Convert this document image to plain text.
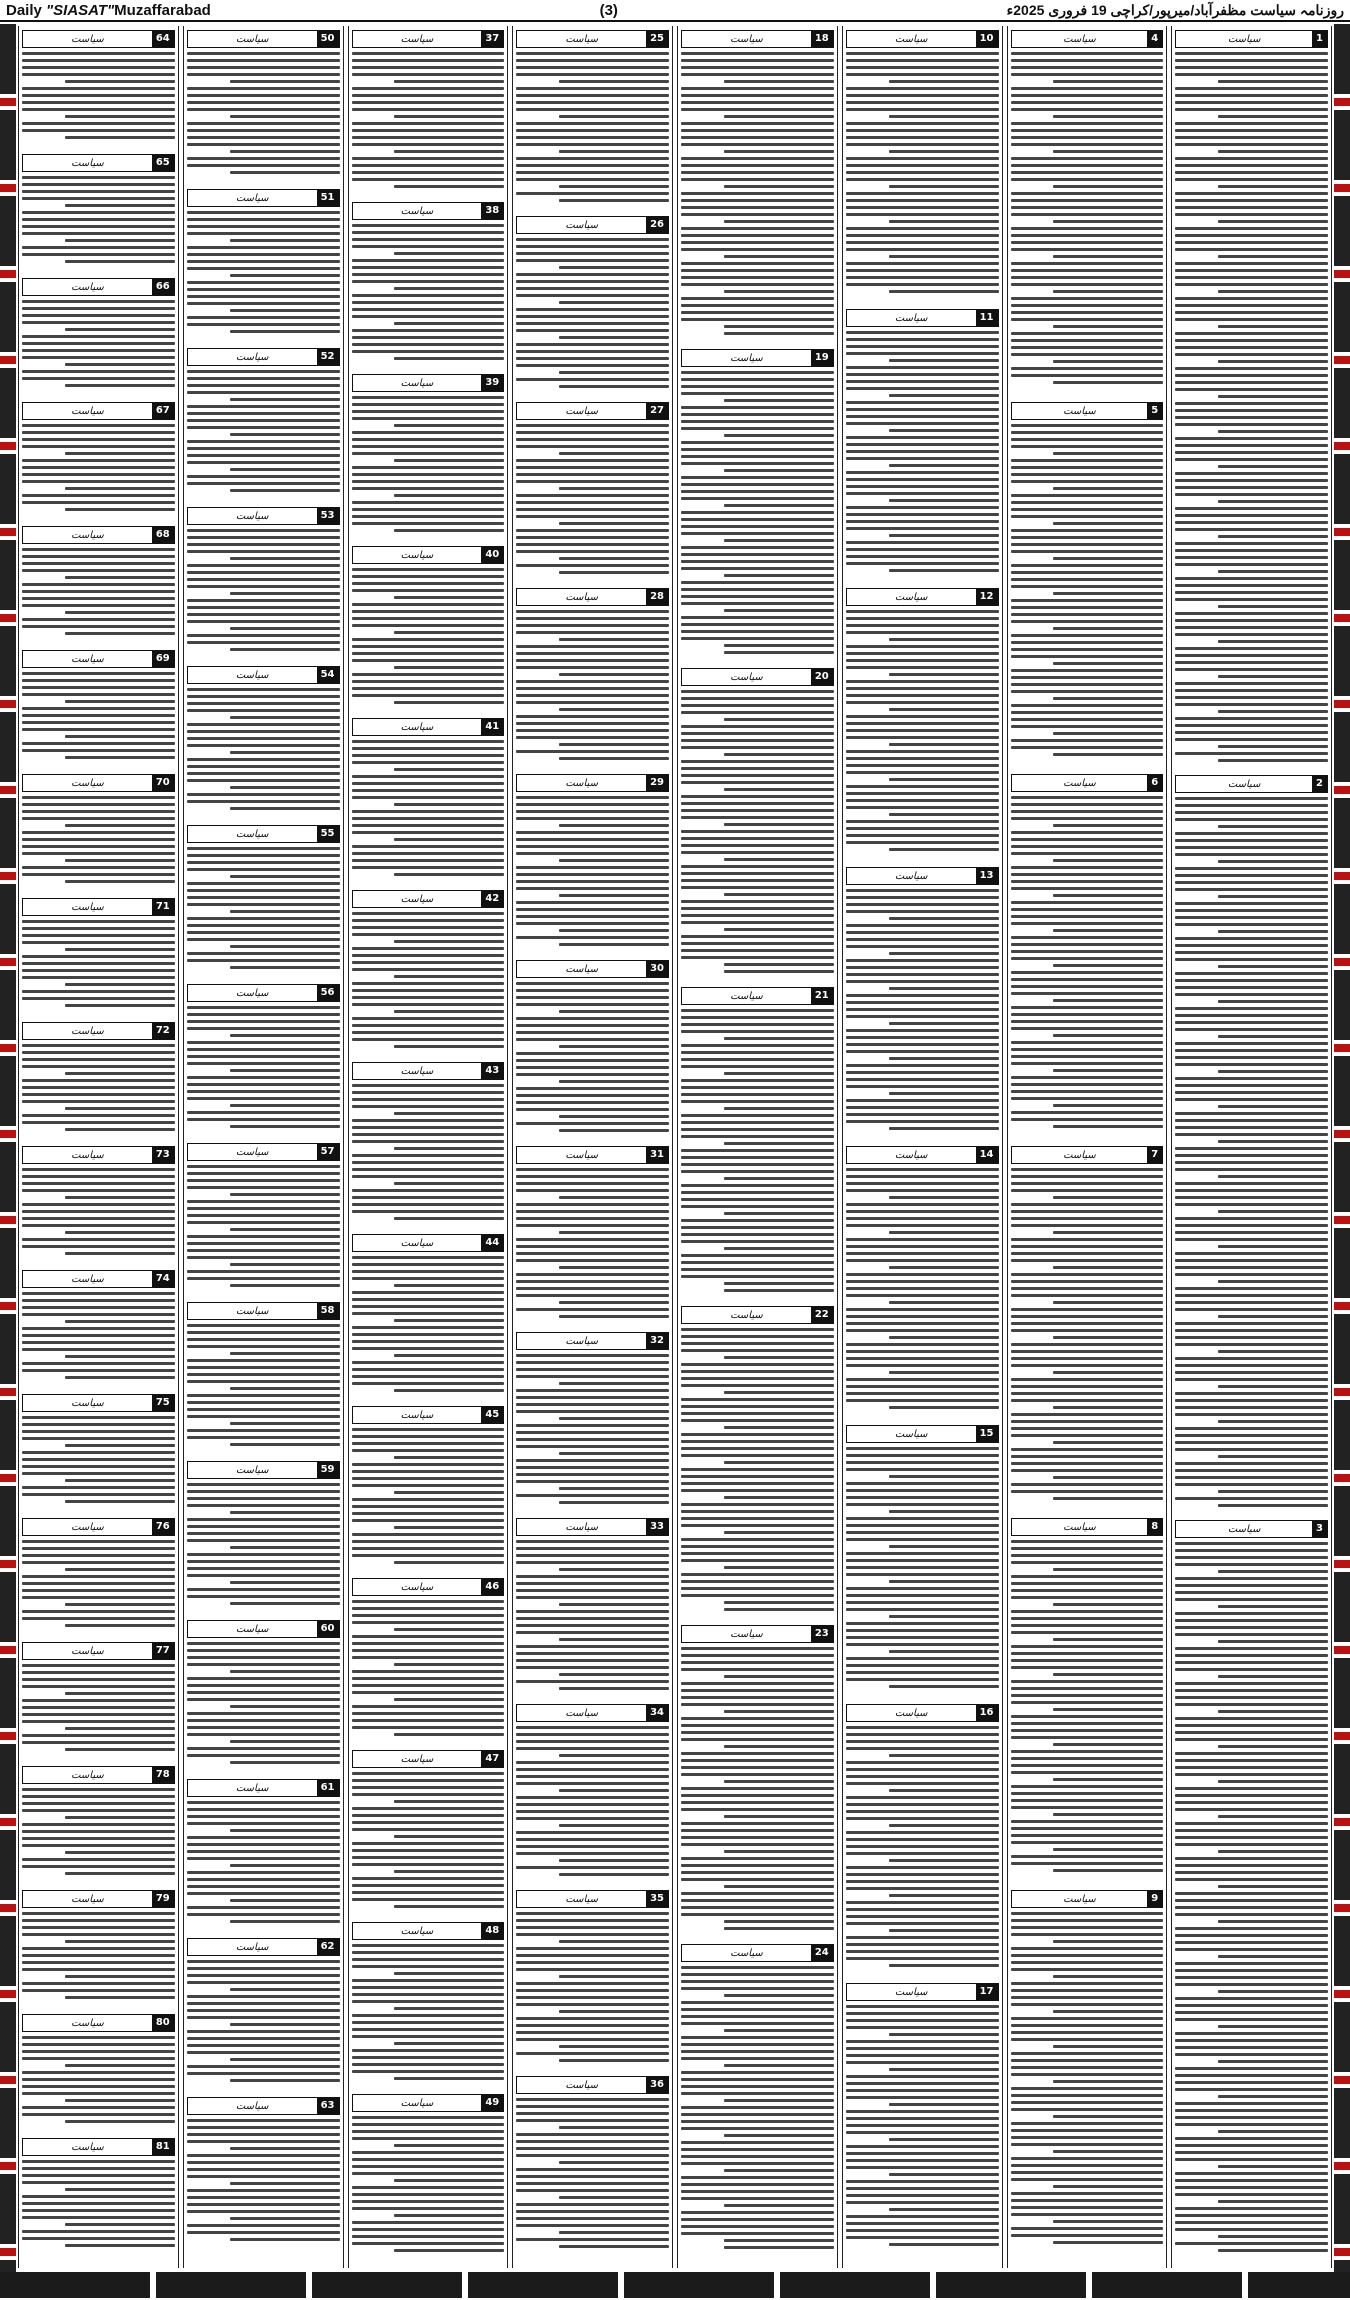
Daily "SIASAT"Muzaffarabad	(3)	روزنامہ سیاست مظفرآباد/میرپور/کراچی 19 فروری 2025ء
سیاست	1
سیاست	2
سیاست	3
سیاست	4
سیاست	5
سیاست	6
سیاست	7
سیاست	8
سیاست	9
سیاست	10
سیاست	11
سیاست	12
سیاست	13
سیاست	14
سیاست	15
سیاست	16
سیاست	17
سیاست	18
سیاست	19
سیاست	20
سیاست	21
سیاست	22
سیاست	23
سیاست	24
سیاست	25
سیاست	26
سیاست	27
سیاست	28
سیاست	29
سیاست	30
سیاست	31
سیاست	32
سیاست	33
سیاست	34
سیاست	35
سیاست	36
سیاست	37
سیاست	38
سیاست	39
سیاست	40
سیاست	41
سیاست	42
سیاست	43
سیاست	44
سیاست	45
سیاست	46
سیاست	47
سیاست	48
سیاست	49
سیاست	50
سیاست	51
سیاست	52
سیاست	53
سیاست	54
سیاست	55
سیاست	56
سیاست	57
سیاست	58
سیاست	59
سیاست	60
سیاست	61
سیاست	62
سیاست	63
سیاست	64
سیاست	65
سیاست	66
سیاست	67
سیاست	68
سیاست	69
سیاست	70
سیاست	71
سیاست	72
سیاست	73
سیاست	74
سیاست	75
سیاست	76
سیاست	77
سیاست	78
سیاست	79
سیاست	80
سیاست	81
